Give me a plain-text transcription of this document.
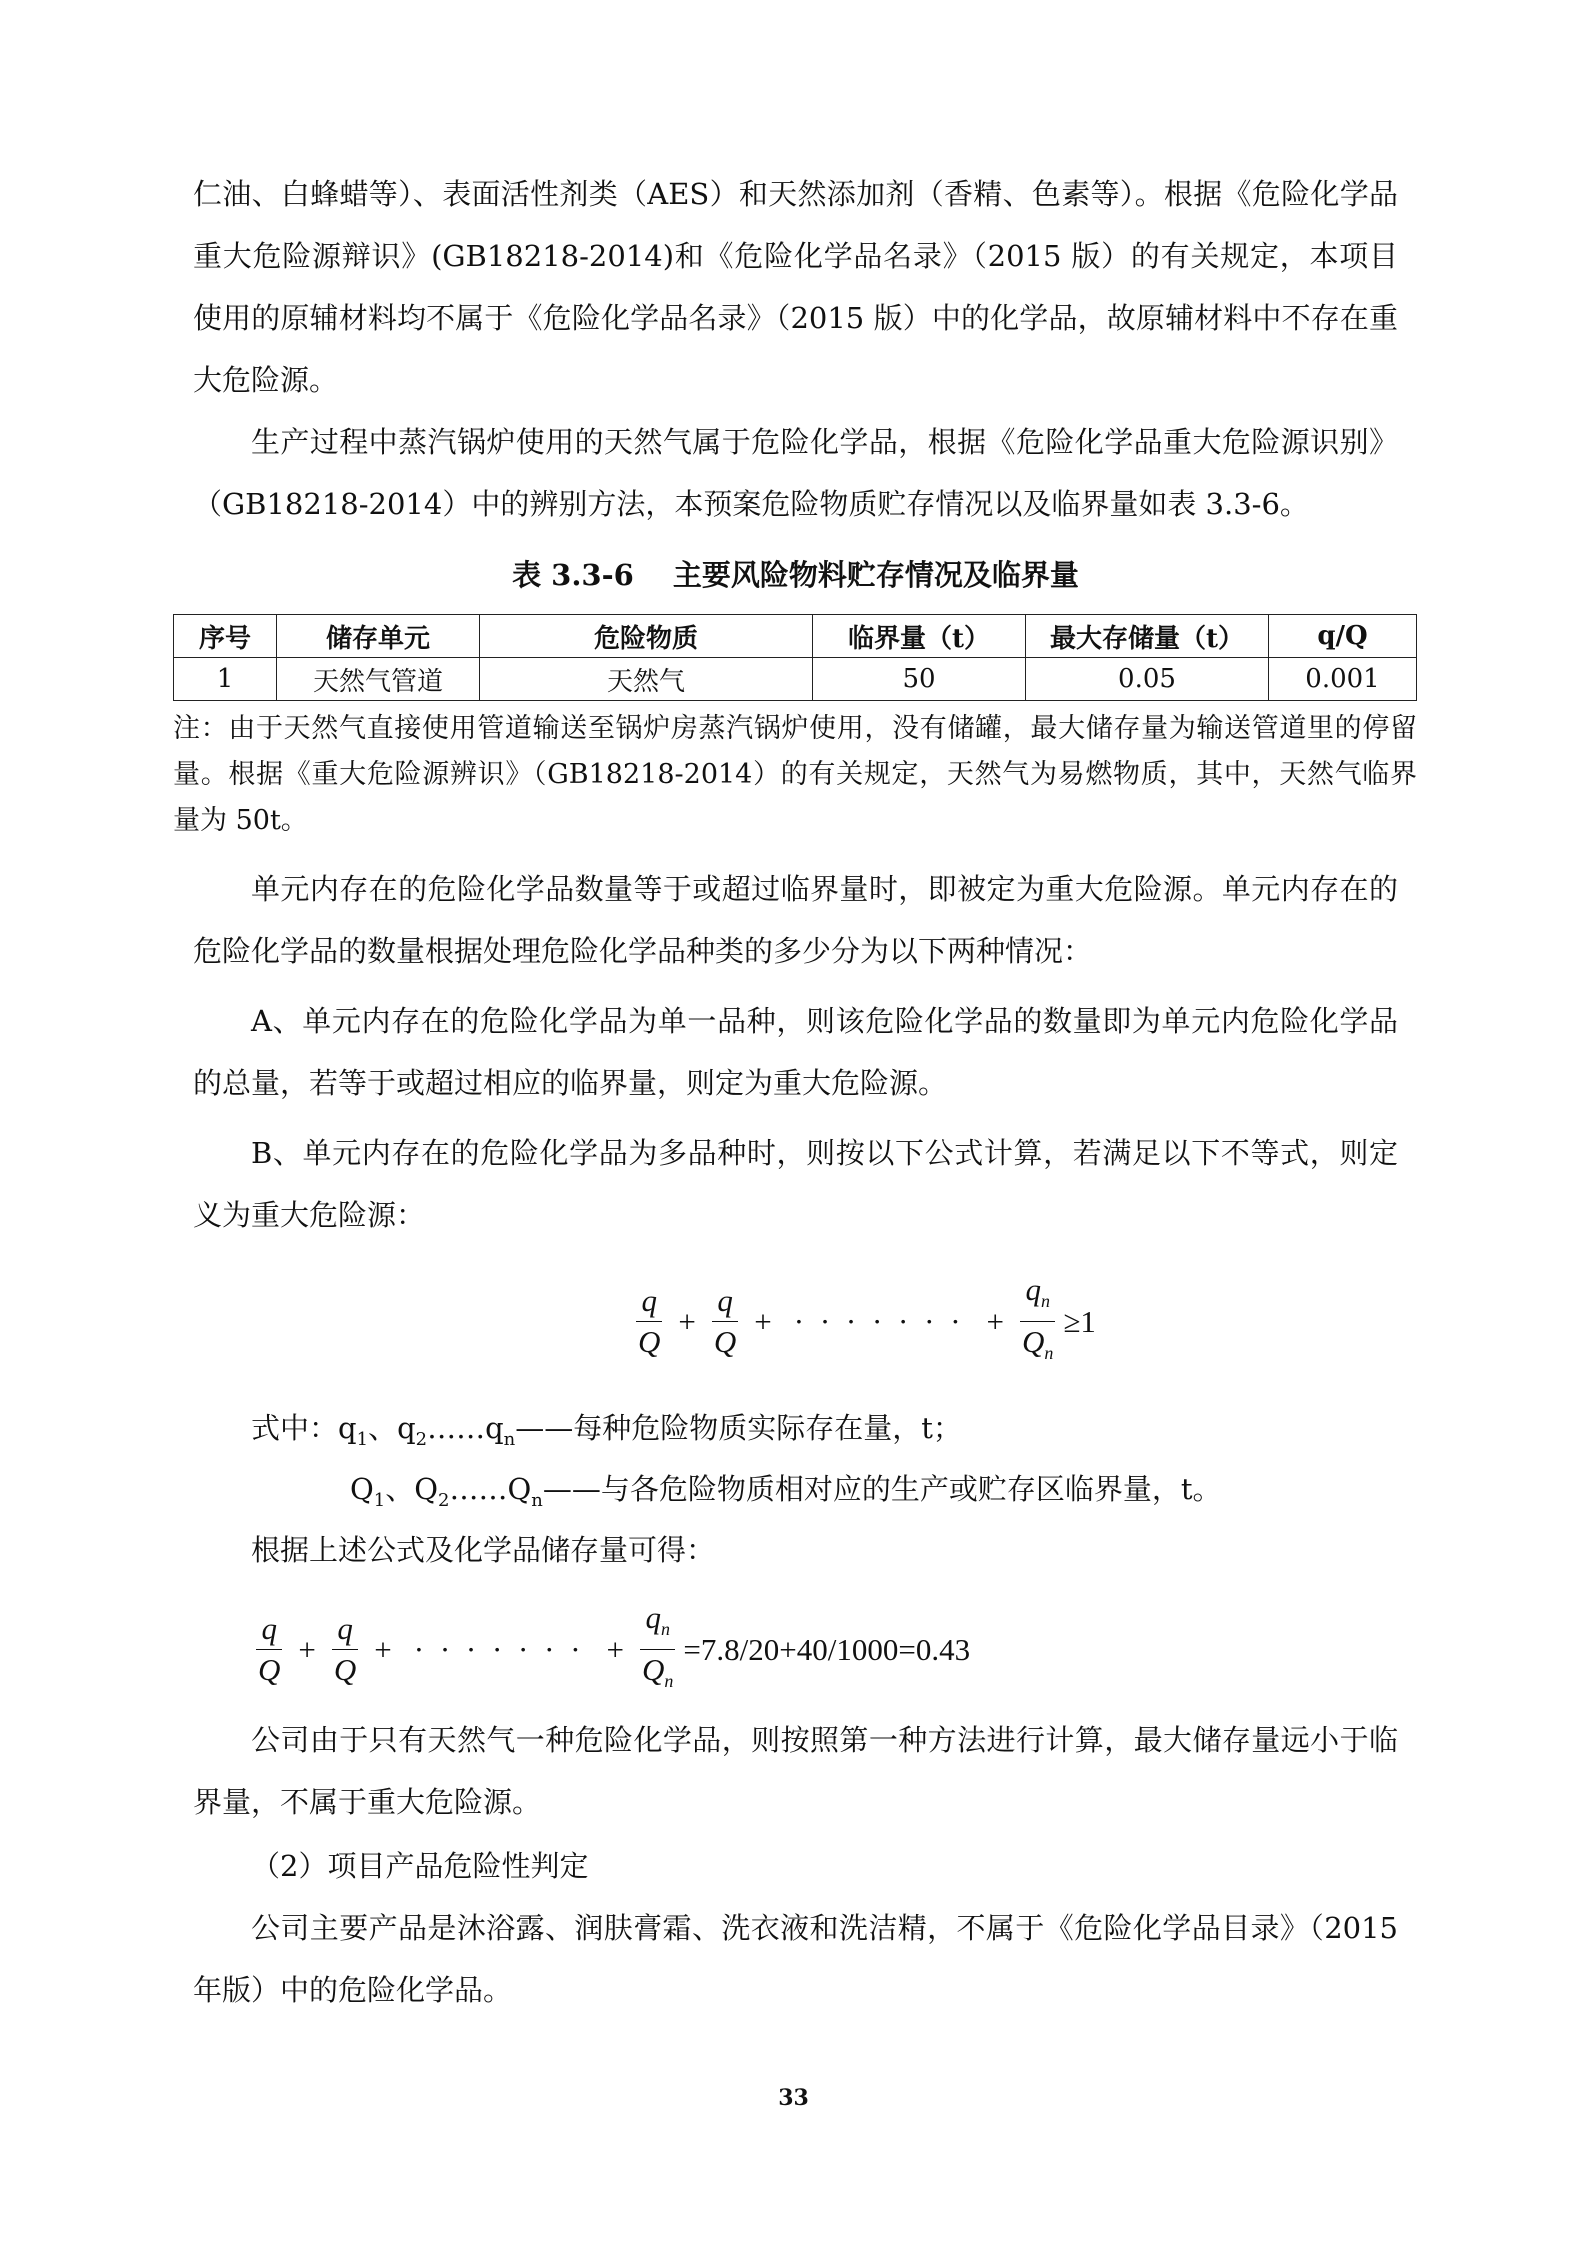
仁油、白蜂蜡等）、表面活性剂类（AES）和天然添加剂（香精、色素等）。根据《危险化学品重大危险源辩识》(GB18218-2014)和《危险化学品名录》（2015 版）的有关规定，本项目使用的原辅材料均不属于《危险化学品名录》（2015 版）中的化学品，故原辅材料中不存在重大危险源。

生产过程中蒸汽锅炉使用的天然气属于危险化学品，根据《危险化学品重大危险源识别》（GB18218-2014）中的辨别方法，本预案危险物质贮存情况以及临界量如表 3.3-6。

表 3.3-6　 主要风险物料贮存情况及临界量
序号	储存单元	危险物质	临界量（t）	最大存储量（t）	q/Q
1	天然气管道	天然气	50	0.05	0.001

注：由于天然气直接使用管道输送至锅炉房蒸汽锅炉使用，没有储罐，最大储存量为输送管道里的停留量。根据《重大危险源辨识》（GB18218-2014）的有关规定，天然气为易燃物质，其中，天然气临界量为 50t。

单元内存在的危险化学品数量等于或超过临界量时，即被定为重大危险源。单元内存在的危险化学品的数量根据处理危险化学品种类的多少分为以下两种情况：

A、单元内存在的危险化学品为单一品种，则该危险化学品的数量即为单元内危险化学品的总量，若等于或超过相应的临界量，则定为重大危险源。

B、单元内存在的危险化学品为多品种时，则按以下公式计算，若满足以下不等式，则定义为重大危险源：

$\frac{q}{Q} + \frac{q}{Q}$ + · · · · · · · + $\frac{q_n}{Q_n} \ge 1$

式中：$q_1$、$q_2\dots\dots q_n——$每种危险物质实际存在量，t；

$Q_1$、$Q_2\dots\dots Q_n——$与各危险物质相对应的生产或贮存区临界量，t。

根据上述公式及化学品储存量可得：

$\frac{q}{Q} + \frac{q}{Q}$ + · · · · · · · + $\frac{q_n}{Q_n} =7.8/20+40/1000=0.43$

公司由于只有天然气一种危险化学品，则按照第一种方法进行计算，最大储存量远小于临界量，不属于重大危险源。

（2）项目产品危险性判定

公司主要产品是沐浴露、润肤膏霜、洗衣液和洗洁精，不属于《危险化学品目录》（2015 年版）中的危险化学品。

33
